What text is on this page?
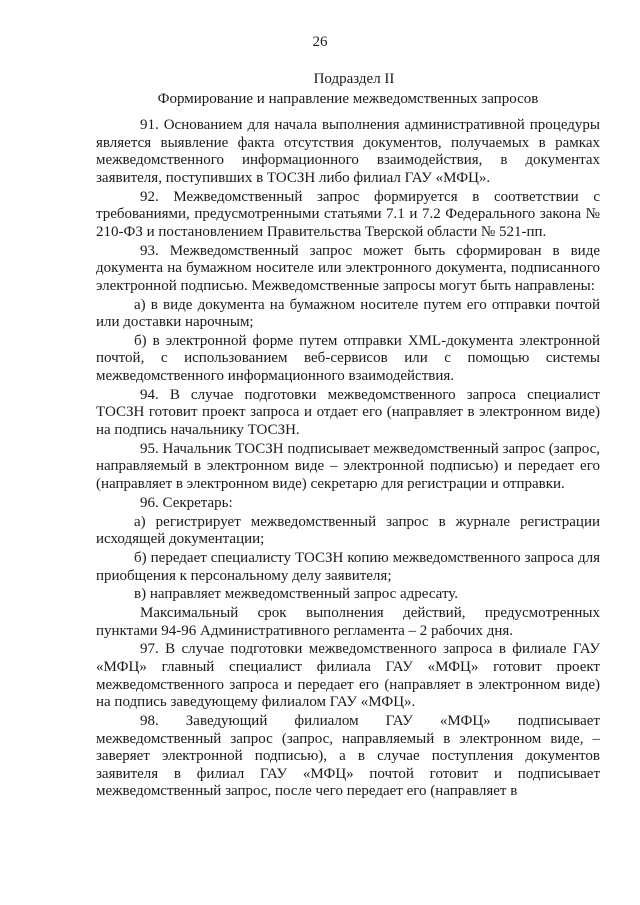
26
Подраздел II
Формирование и направление межведомственных запросов

91. Основанием для начала выполнения административной процедуры является выявление факта отсутствия документов, получаемых в рамках межведомственного информационного взаимодействия, в документах заявителя, поступивших в ТОСЗН либо филиал ГАУ «МФЦ».

92. Межведомственный запрос формируется в соответствии с требованиями, предусмотренными статьями 7.1 и 7.2 Федерального закона № 210-ФЗ и постановлением Правительства Тверской области № 521-пп.

93. Межведомственный запрос может быть сформирован в виде документа на бумажном носителе или электронного документа, подписанного электронной подписью. Межведомственные запросы могут быть направлены:

а) в виде документа на бумажном носителе путем его отправки почтой или доставки нарочным;

б) в электронной форме путем отправки XML-документа электронной почтой, с использованием веб-сервисов или с помощью системы межведомственного информационного взаимодействия.

94. В случае подготовки межведомственного запроса специалист ТОСЗН готовит проект запроса и отдает его (направляет в электронном виде) на подпись начальнику ТОСЗН.

95. Начальник ТОСЗН подписывает межведомственный запрос (запрос, направляемый в электронном виде – электронной подписью) и передает его (направляет в электронном виде) секретарю для регистрации и отправки.

96. Секретарь:

а) регистрирует межведомственный запрос в журнале регистрации исходящей документации;

б) передает специалисту ТОСЗН копию межведомственного запроса для приобщения к персональному делу заявителя;

в) направляет межведомственный запрос адресату.

Максимальный срок выполнения действий, предусмотренных пунктами 94-96 Административного регламента – 2 рабочих дня.

97. В случае подготовки межведомственного запроса в филиале ГАУ «МФЦ» главный специалист филиала ГАУ «МФЦ» готовит проект межведомственного запроса и передает его (направляет в электронном виде) на подпись заведующему филиалом ГАУ «МФЦ».

98. Заведующий филиалом ГАУ «МФЦ» подписывает межведомственный запрос (запрос, направляемый в электронном виде, – заверяет электронной подписью), а в случае поступления документов заявителя в филиал ГАУ «МФЦ» почтой готовит и подписывает межведомственный запрос, после чего передает его (направляет в
